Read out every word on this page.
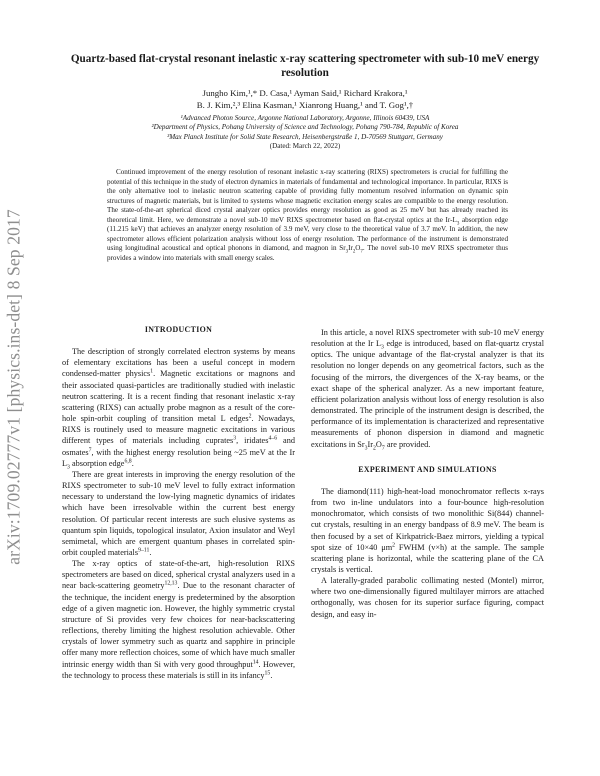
arXiv:1709.02777v1 [physics.ins-det] 8 Sep 2017
Quartz-based flat-crystal resonant inelastic x-ray scattering spectrometer with sub-10 meV energy resolution
Jungho Kim,¹,* D. Casa,¹ Ayman Said,¹ Richard Krakora,¹
B. J. Kim,²,³ Elina Kasman,¹ Xianrong Huang,¹ and T. Gog¹,†
¹Advanced Photon Source, Argonne National Laboratory, Argonne, Illinois 60439, USA
²Department of Physics, Pohang University of Science and Technology, Pohang 790-784, Republic of Korea
³Max Planck Institute for Solid State Research, Heisenbergstraße 1, D-70569 Stuttgart, Germany
(Dated: March 22, 2022)
Continued improvement of the energy resolution of resonant inelastic x-ray scattering (RIXS) spectrometers is crucial for fulfilling the potential of this technique in the study of electron dynamics in materials of fundamental and technological importance. In particular, RIXS is the only alternative tool to inelastic neutron scattering capable of providing fully momentum resolved information on dynamic spin structures of magnetic materials, but is limited to systems whose magnetic excitation energy scales are compatible to the energy resolution. The state-of-the-art spherical diced crystal analyzer optics provides energy resolution as good as 25 meV but has already reached its theoretical limit. Here, we demonstrate a novel sub-10 meV RIXS spectrometer based on flat-crystal optics at the $Ir-L_3$ absorption edge (11.215 keV) that achieves an analyzer energy resolution of 3.9 meV, very close to the theoretical value of 3.7 meV. In addition, the new spectrometer allows efficient polarization analysis without loss of energy resolution. The performance of the instrument is demonstrated using longitudinal acoustical and optical phonons in diamond, and magnon in $Sr_3Ir_2O_7$. The novel sub-10 meV RIXS spectrometer thus provides a window into materials with small energy scales.
INTRODUCTION

The description of strongly correlated electron systems by means of elementary excitations has been a useful concept in modern condensed-matter physics$^1$. Magnetic excitations or magnons and their associated quasi-particles are traditionally studied with inelastic neutron scattering. It is a recent finding that resonant inelastic x-ray scattering (RIXS) can actually probe magnon as a result of the core-hole spin-orbit coupling of transition metal L edges$^2$. Nowadays, RIXS is routinely used to measure magnetic excitations in various different types of materials including cuprates$^3$, iridates$^{4-6}$ and osmates$^7$, with the highest energy resolution being ~25 meV at the Ir $L_3$ absorption edge$^{6,8}$.

There are great interests in improving the energy resolution of the RIXS spectrometer to sub-10 meV level to fully extract information necessary to understand the low-lying magnetic dynamics of iridates which have been irresolvable within the current best energy resolution. Of particular recent interests are such elusive systems as quantum spin liquids, topological insulator, Axion insulator and Weyl semimetal, which are emergent quantum phases in correlated spin-orbit coupled materials$^{9-11}$.

The x-ray optics of state-of-the-art, high-resolution RIXS spectrometers are based on diced, spherical crystal analyzers used in a near back-scattering geometry$^{12,13}$. Due to the resonant character of the technique, the incident energy is predetermined by the absorption edge of a given magnetic ion. However, the highly symmetric crystal structure of Si provides very few choices for near-backscattering reflections, thereby limiting the highest resolution achievable. Other crystals of lower symmetry such as quartz and sapphire in principle offer many more reflection choices, some of which have much smaller intrinsic energy width than Si with very good throughput$^{14}$. However, the technology to process these materials is still in its infancy$^{15}$.

In this article, a novel RIXS spectrometer with sub-10 meV energy resolution at the Ir $L_3$ edge is introduced, based on flat-quartz crystal optics. The unique advantage of the flat-crystal analyzer is that its resolution no longer depends on any geometrical factors, such as the focusing of the mirrors, the divergences of the X-ray beams, or the exact shape of the spherical analyzer. As a new important feature, efficient polarization analysis without loss of energy resolution is also demonstrated. The principle of the instrument design is described, the performance of its implementation is characterized and representative measurements of phonon dispersion in diamond and magnetic excitations in $Sr_3Ir_2O_7$ are provided.

EXPERIMENT AND SIMULATIONS

The diamond(111) high-heat-load monochromator reflects x-rays from two in-line undulators into a four-bounce high-resolution monochromator, which consists of two monolithic Si(844) channel-cut crystals, resulting in an energy bandpass of 8.9 meV. The beam is then focused by a set of Kirkpatrick-Baez mirrors, yielding a typical spot size of 10×40 $\mu m^2$ FWHM (v×h) at the sample. The sample scattering plane is horizontal, while the scattering plane of the CA crystals is vertical.

A laterally-graded parabolic collimating nested (Montel) mirror, where two one-dimensionally figured multilayer mirrors are attached orthogonally, was chosen for its superior surface figuring, compact design, and easy in-
